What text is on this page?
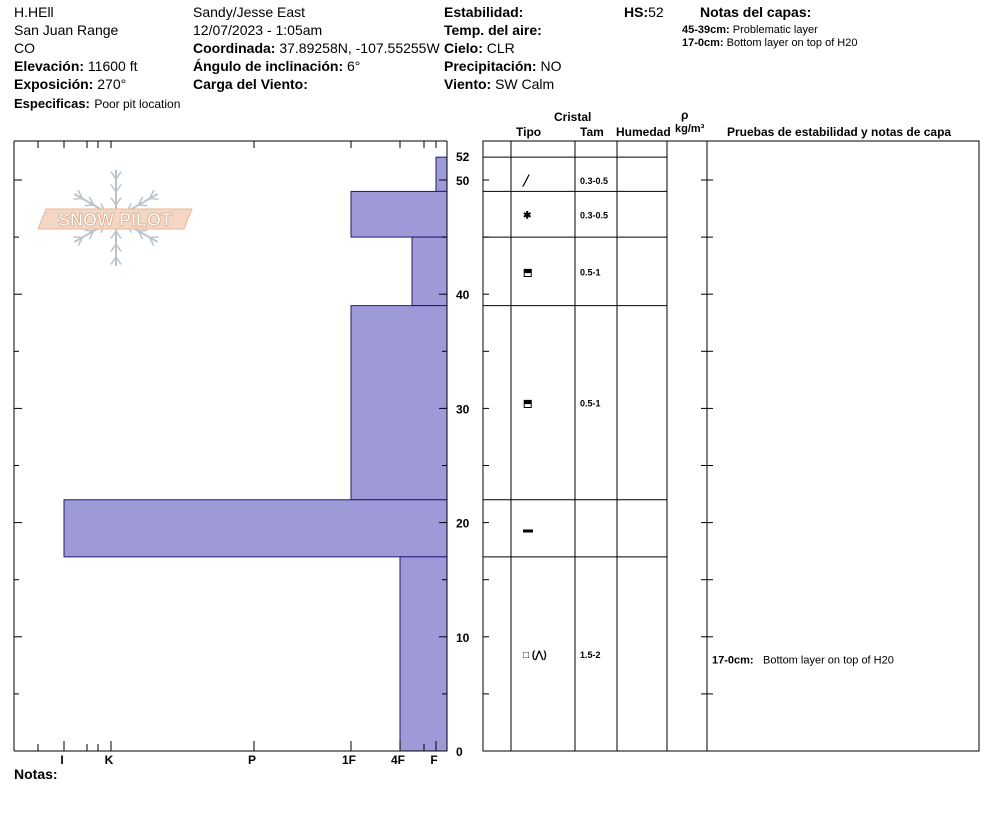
H.HEll
San Juan Range
CO
Elevación: 11600 ft
Exposición: 270°
Especificas: Poor pit location
Sandy/Jesse East
12/07/2023 - 1:05am
Coordinada: 37.89258N, -107.55255W
Ángulo de inclinación: 6°
Carga del Viento:
Estabilidad:
Temp. del aire:
Cielo: CLR
Precipitación: NO
Viento: SW Calm
HS:52	Notas del capas:
45-39cm: Problematic layer
17-0cm: Bottom layer on top of H20
Cristal
Tipo	Tam Humedad
ρ
kg/m³ Pruebas de estabilidad y notas de capa
Notas:
I	K	P	1F	4F F
0
10
20
30
40
50
52
SNOW PILOT
╱	0.3-0.5
✱	0.3-0.5
⬒	0.5-1
⬒	0.5-1
▬
□ (⋀)	1.5-2	17-0cm: Bottom layer on top of H20
